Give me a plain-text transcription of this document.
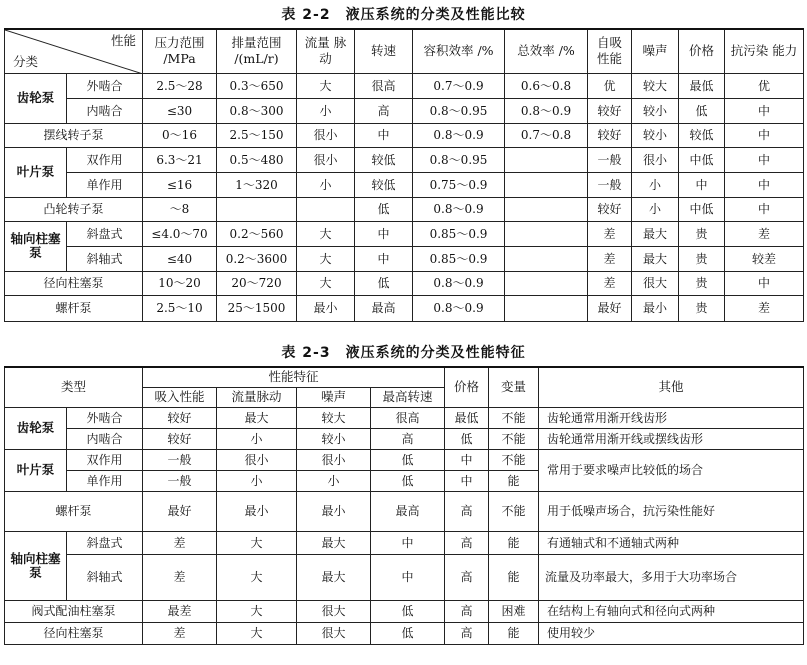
表 2-2　液压系统的分类及性能比较
性能
分类		压力范围 /MPa	排量范围 /(mL/r)	流量 脉动	转速	容积效率 /%	总效率 /%	自吸 性能	噪声	价格	抗污染 能力
齿轮泵	外啮合	2.5～28	0.3～650	大	很高	0.7～0.9	0.6～0.8	优	较大	最低	优
	内啮合	≤30	0.8～300	小	高	0.8～0.95	0.8～0.9	较好	较小	低	中
摆线转子泵		0～16	2.5～150	很小	中	0.8～0.9	0.7～0.8	较好	较小	较低	中
叶片泵	双作用	6.3～21	0.5～480	很小	较低	0.8～0.95		一般	很小	中低	中
	单作用	≤16	1～320	小	较低	0.75～0.9		一般	小	中	中
凸轮转子泵		～8			低	0.8～0.9		较好	小	中低	中
轴向柱塞泵	斜盘式	≤4.0～70	0.2～560	大	中	0.85～0.9		差	最大	贵	差
	斜轴式	≤40	0.2～3600	大	中	0.85～0.9		差	最大	贵	较差
径向柱塞泵		10～20	20～720	大	低	0.8～0.9		差	很大	贵	中
螺杆泵		2.5～10	25～1500	最小	最高	0.8～0.9		最好	最小	贵	差
表 2-3　液压系统的分类及性能特征
类型		性能特征				价格	变量	其他
		吸入性能	流量脉动	噪声	最高转速			
齿轮泵	外啮合	较好	最大	较大	很高	最低	不能	齿轮通常用渐开线齿形
	内啮合	较好	小	较小	高	低	不能	齿轮通常用渐开线或摆线齿形
叶片泵	双作用	一般	很小	很小	低	中	不能	常用于要求噪声比较低的场合
	单作用	一般	小	小	低	中	能	
螺杆泵		最好	最小	最小	最高	高	不能	用于低噪声场合，抗污染性能好
轴向柱塞泵	斜盘式	差	大	最大	中	高	能	有通轴式和不通轴式两种
	斜轴式	差	大	最大	中	高	能	流量及功率最大，多用于大功率场合
阀式配油柱塞泵		最差	大	很大	低	高	困难	在结构上有轴向式和径向式两种
径向柱塞泵		差	大	很大	低	高	能	使用较少
